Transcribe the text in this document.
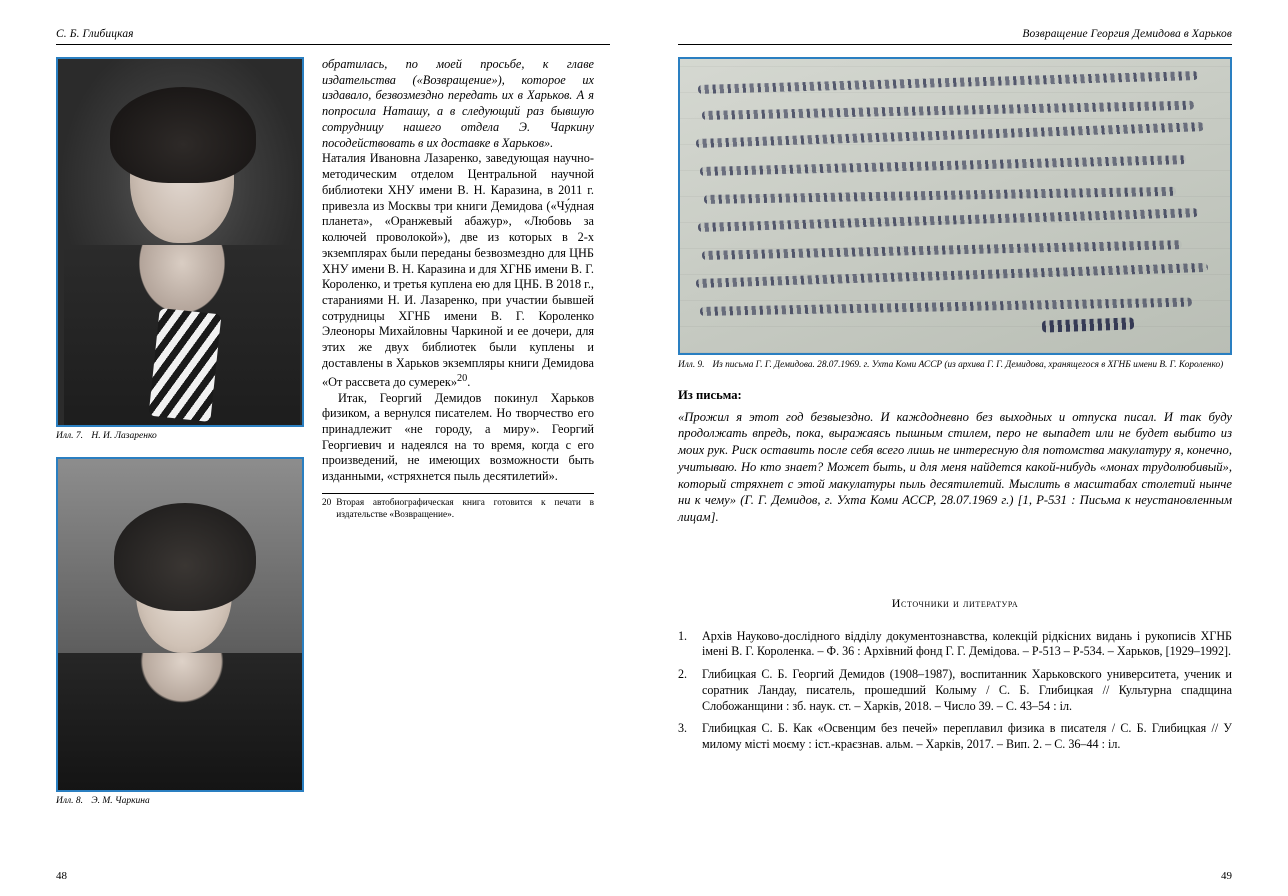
С. Б. Глибицкая
Илл. 7. Н. И. Лазаренко
Илл. 8. Э. М. Чаркина

обратилась, по моей просьбе, к главе издательства («Возвращение»), которое их издавало, безвозмездно передать их в Харьков. А я попросила Наташу, а в следующий раз бывшую сотрудницу нашего отдела Э. Чаркину посодействовать в их доставке в Харьков».

Наталия Ивановна Лазаренко, заведующая научно-методическим отделом Центральной научной библиотеки ХНУ имени В. Н. Каразина, в 2011 г. привезла из Москвы три книги Демидова («Чу́дная планета», «Оранжевый абажур», «Любовь за колючей проволокой»), две из которых в 2-х экземплярах были переданы безвозмездно для ЦНБ ХНУ имени В. Н. Каразина и для ХГНБ имени В. Г. Короленко, и третья куплена ею для ЦНБ. В 2018 г., стараниями Н. И. Лазаренко, при участии бывшей сотрудницы ХГНБ имени В. Г. Короленко Элеоноры Михайловны Чаркиной и ее дочери, для этих же двух библиотек были куплены и доставлены в Харьков экземпляры книги Демидова «От рассвета до сумерек»$^{20}$.

Итак, Георгий Демидов покинул Харьков физиком, а вернулся писателем. Но творчество его принадлежит «не городу, а миру». Георгий Георгиевич и надеялся на то время, когда с его произведений, не имеющих возможности быть изданными, «стряхнется пыль десятилетий».

20 Вторая автобиографическая книга готовится к печати в издательстве «Возвращение».
48
Возвращение Георгия Демидова в Харьков
Илл. 9. Из письма Г. Г. Демидова. 28.07.1969. г. Ухта Коми АССР (из архива Г. Г. Демидова, хранящегося в ХГНБ имени В. Г. Короленко)

Из письма:

«Прожил я этот год безвыездно. И каждодневно без выходных и отпуска писал. И так буду продолжать впредь, пока, выражаясь пышным стилем, перо не выпадет или не будет выбито из моих рук. Риск оставить после себя всего лишь не интересную для потомства макулатуру я, конечно, учитываю. Но кто знает? Может быть, и для меня найдется какой-нибудь «монах трудолюбивый», который стряхнет с этой макулатуры пыль десятилетий. Мыслить в масштабах столетий нынче ни к чему» (Г. Г. Демидов, г. Ухта Коми АССР, 28.07.1969 г.) [1, Р-531 : Письма к неустановленным лицам].

Источники и литература
1.	Архів Науково-дослідного відділу документознавства, колекцій рідкісних видань і рукописів ХГНБ імені В. Г. Короленка. – Ф. 36 : Архівний фонд Г. Г. Демідова. – Р-513 – Р-534. – Харьков, [1929–1992].
2.	Глибицкая С. Б. Георгий Демидов (1908–1987), воспитанник Харьковского университета, ученик и соратник Ландау, писатель, прошедший Колыму / С. Б. Глибицкая // Культурна спадщина Слобожанщини : зб. наук. ст. – Харків, 2018. – Число 39. – С. 43–54 : іл.
3.	Глибицкая С. Б. Как «Освенцим без печей» переплавил физика в писателя / С. Б. Глибицкая // У милому місті моєму : іст.-краєзнав. альм. – Харків, 2017. – Вип. 2. – С. 36–44 : іл.
49
